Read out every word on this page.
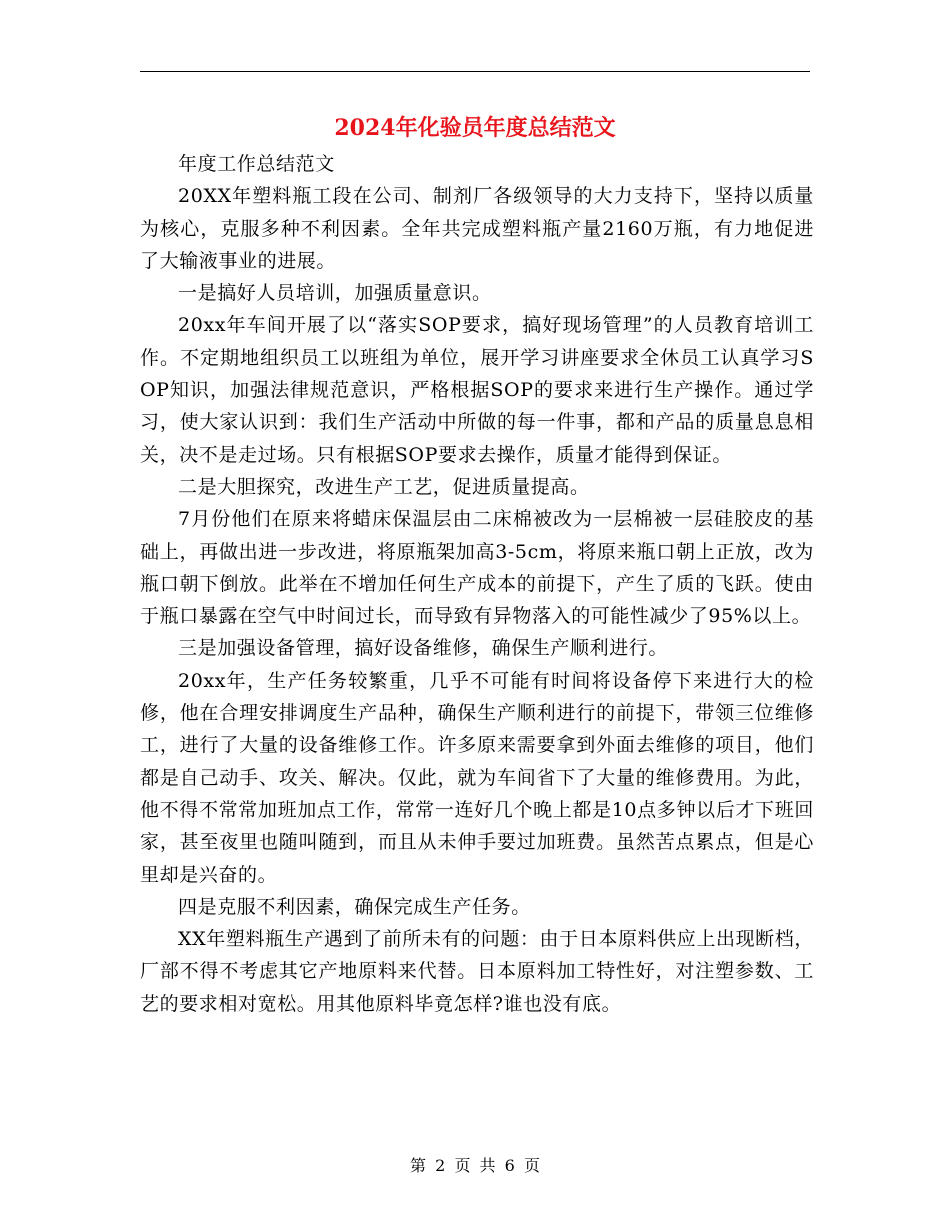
2024年化验员年度总结范文

年度工作总结范文

20XX年塑料瓶工段在公司、制剂厂各级领导的大力支持下，坚持以质量为核心，克服多种不利因素。全年共完成塑料瓶产量2160万瓶，有力地促进了大输液事业的进展。

一是搞好人员培训，加强质量意识。

20xx年车间开展了以“落实SOP要求，搞好现场管理”的人员教育培训工作。不定期地组织员工以班组为单位，展开学习讲座要求全休员工认真学习SOP知识，加强法律规范意识，严格根据SOP的要求来进行生产操作。通过学习，使大家认识到：我们生产活动中所做的每一件事，都和产品的质量息息相关，决不是走过场。只有根据SOP要求去操作，质量才能得到保证。

二是大胆探究，改进生产工艺，促进质量提高。

7月份他们在原来将蜡床保温层由二床棉被改为一层棉被一层硅胶皮的基础上，再做出进一步改进，将原瓶架加高3-5cm，将原来瓶口朝上正放，改为瓶口朝下倒放。此举在不增加任何生产成本的前提下，产生了质的飞跃。使由于瓶口暴露在空气中时间过长，而导致有异物落入的可能性减少了95%以上。

三是加强设备管理，搞好设备维修，确保生产顺利进行。

20xx年，生产任务较繁重，几乎不可能有时间将设备停下来进行大的检修，他在合理安排调度生产品种，确保生产顺利进行的前提下，带领三位维修工，进行了大量的设备维修工作。许多原来需要拿到外面去维修的项目，他们都是自己动手、攻关、解决。仅此，就为车间省下了大量的维修费用。为此，他不得不常常加班加点工作，常常一连好几个晚上都是10点多钟以后才下班回家，甚至夜里也随叫随到，而且从未伸手要过加班费。虽然苦点累点，但是心里却是兴奋的。

四是克服不利因素，确保完成生产任务。

XX年塑料瓶生产遇到了前所未有的问题：由于日本原料供应上出现断档，厂部不得不考虑其它产地原料来代替。日本原料加工特性好，对注塑参数、工艺的要求相对宽松。用其他原料毕竟怎样?谁也没有底。

第 2 页 共 6 页
